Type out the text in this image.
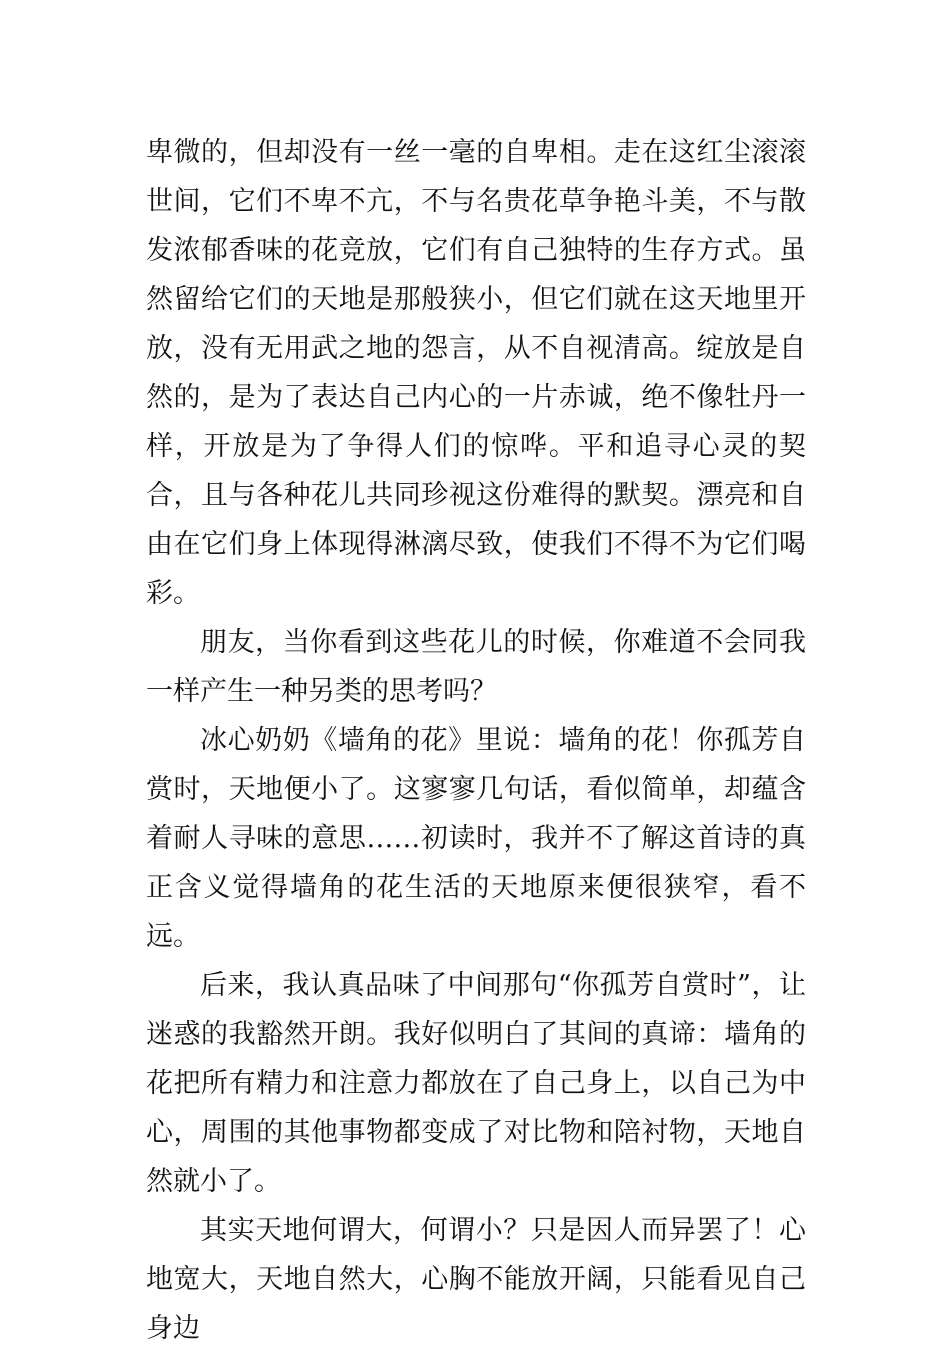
卑微的，但却没有一丝一毫的自卑相。走在这红尘滚滚世间，它们不卑不亢，不与名贵花草争艳斗美，不与散发浓郁香味的花竞放，它们有自己独特的生存方式。虽然留给它们的天地是那般狭小，但它们就在这天地里开放，没有无用武之地的怨言，从不自视清高。绽放是自然的，是为了表达自己内心的一片赤诚，绝不像牡丹一样，开放是为了争得人们的惊哗。平和追寻心灵的契合，且与各种花儿共同珍视这份难得的默契。漂亮和自由在它们身上体现得淋漓尽致，使我们不得不为它们喝彩。

朋友，当你看到这些花儿的时候，你难道不会同我一样产生一种另类的思考吗？

冰心奶奶《墙角的花》里说：墙角的花！你孤芳自赏时，天地便小了。这寥寥几句话，看似简单，却蕴含着耐人寻味的意思……初读时，我并不了解这首诗的真正含义觉得墙角的花生活的天地原来便很狭窄，看不远。

后来，我认真品味了中间那句“你孤芳自赏时”，让迷惑的我豁然开朗。我好似明白了其间的真谛：墙角的花把所有精力和注意力都放在了自己身上，以自己为中心，周围的其他事物都变成了对比物和陪衬物，天地自然就小了。

其实天地何谓大，何谓小？只是因人而异罢了！心地宽大，天地自然大，心胸不能放开阔，只能看见自己身边
